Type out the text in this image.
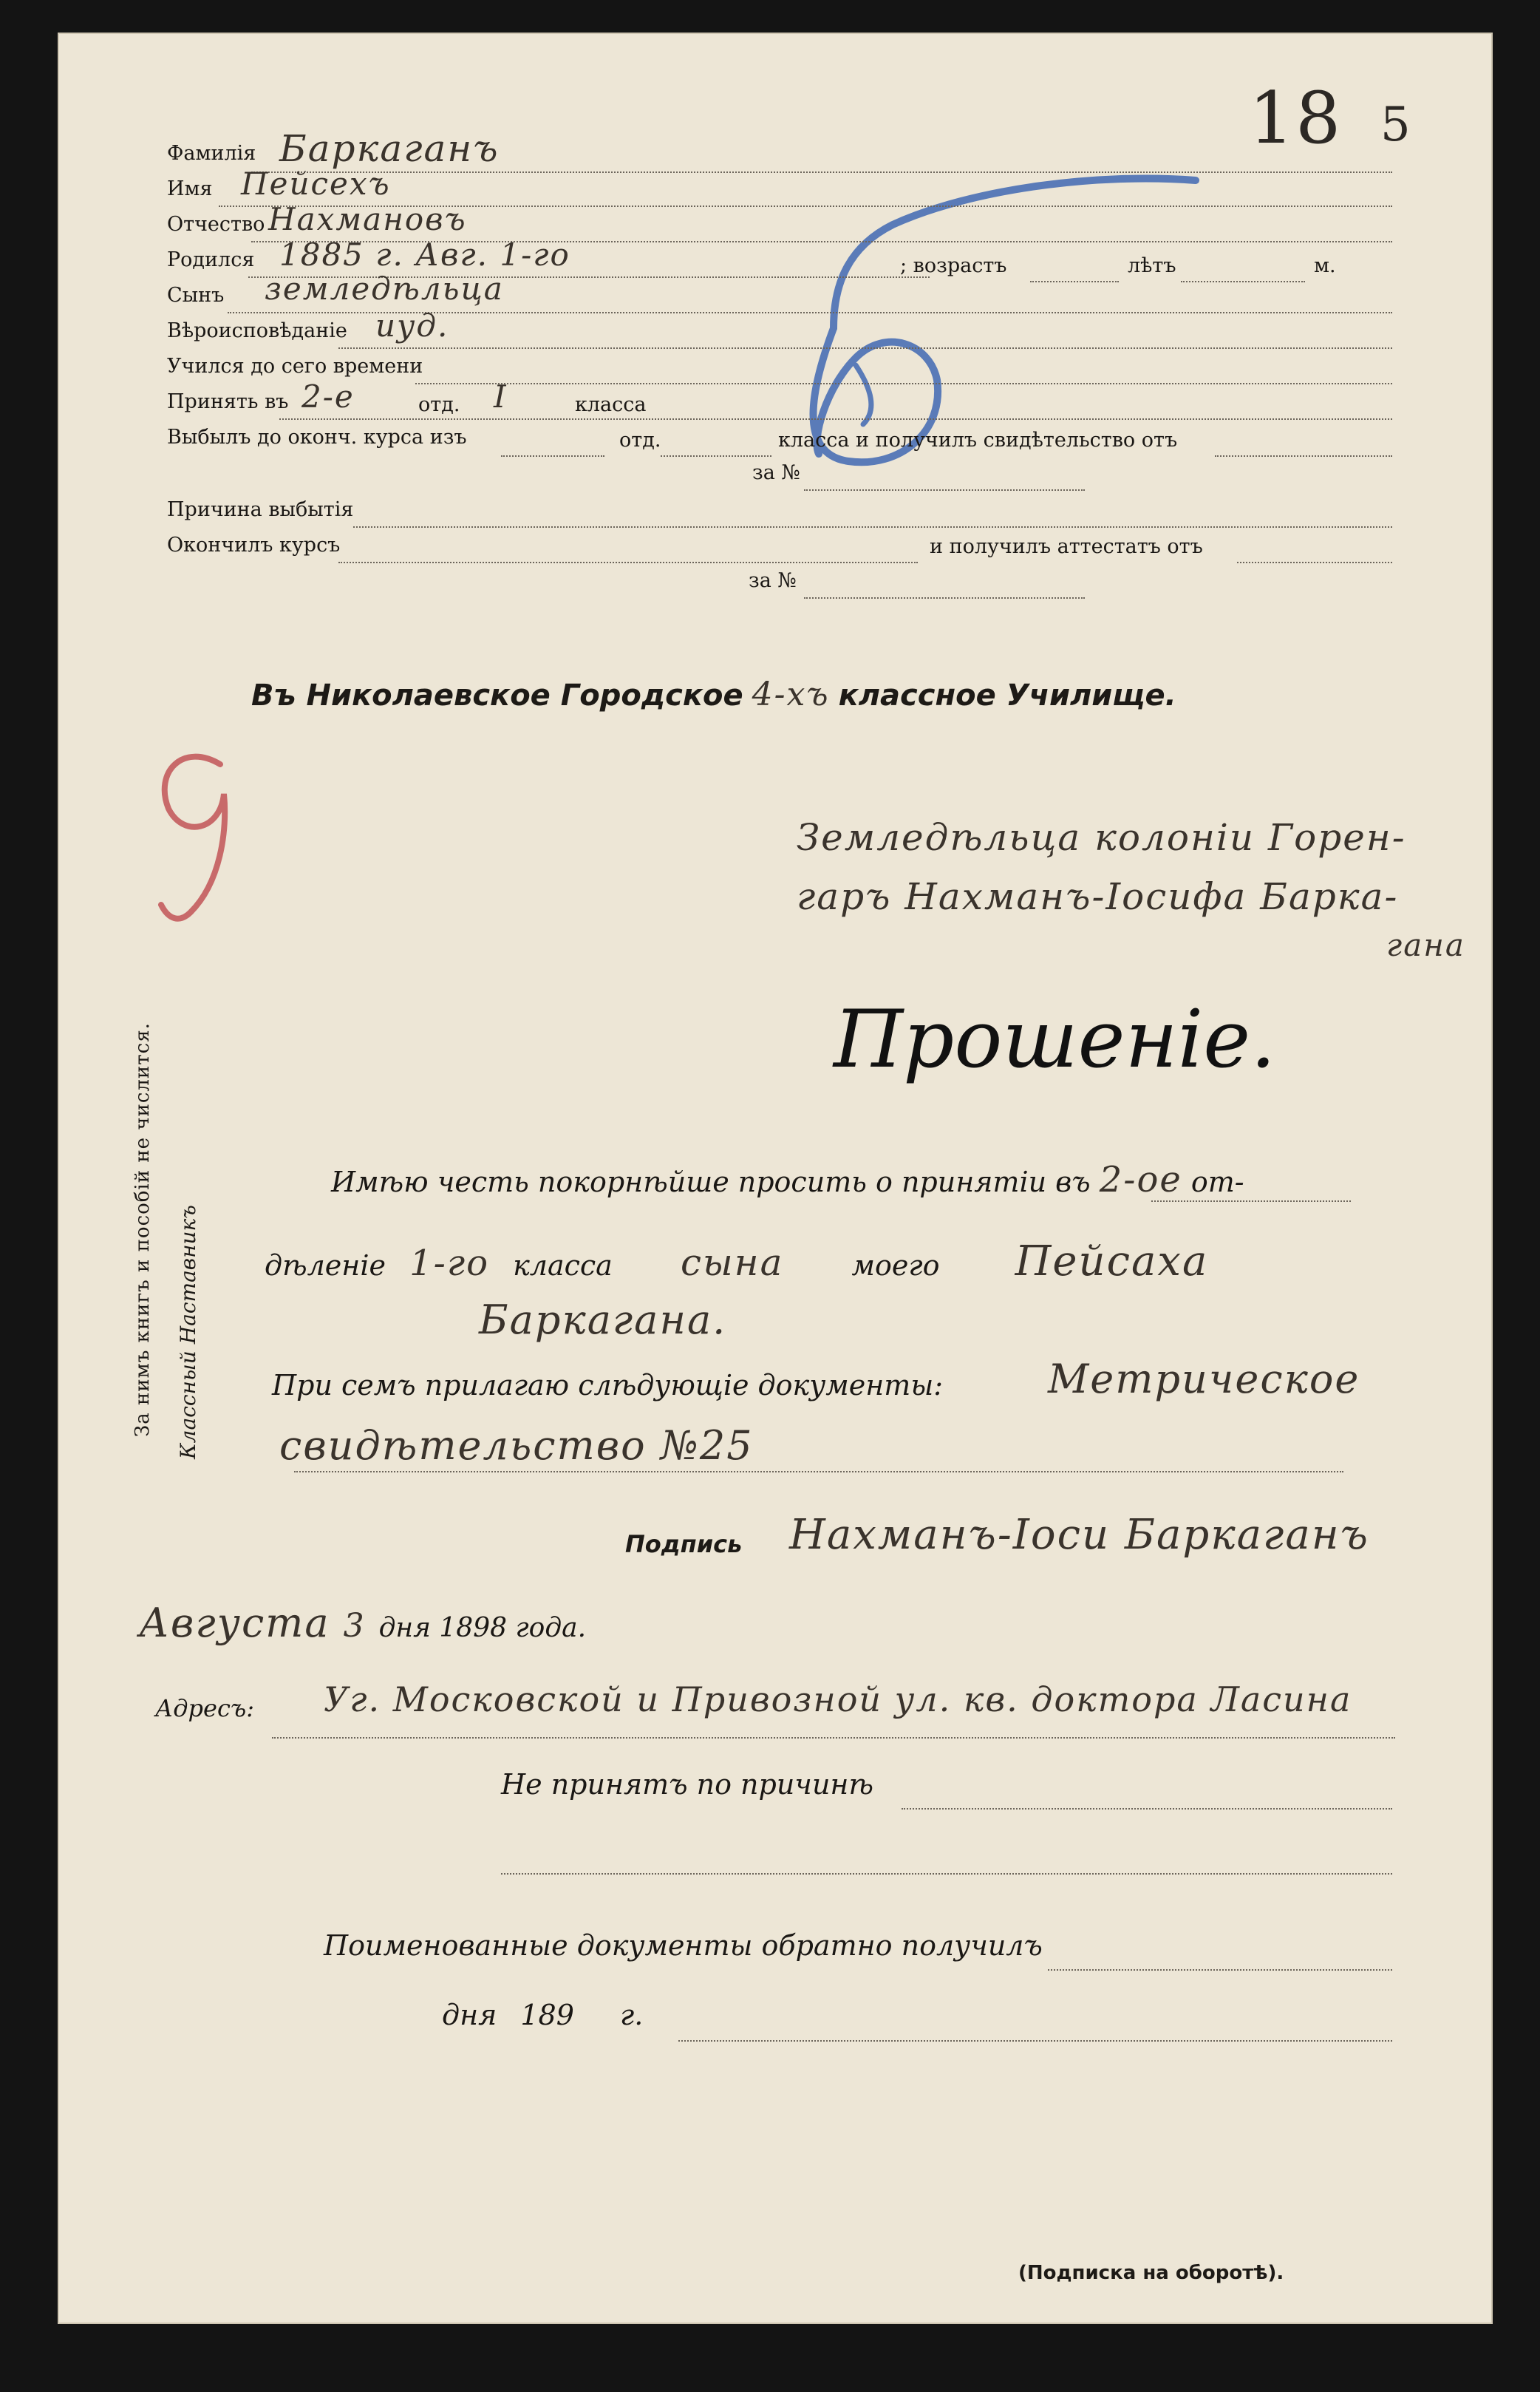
18 5
Фамилія Баркаганъ
Имя Пейсехъ
Отчество Нахмановъ
Родился 1885 г. Авг. 1-го	; возрастъ	лѣтъ	м.
Сынъ земледѣльца
Вѣроисповѣданіе иуд.
Учился до сего времени
Принять въ 2-е	отд. I	класса
Выбылъ до оконч. курса изъ	отд.	класса и получилъ свидѣтельство отъ
за №
Причина выбытія
Окончилъ курсъ	и получилъ аттестатъ отъ
за №
Въ Николаевское Городское 4-хъ классное Училище.
Земледѣльца колоніи Гоpен-
гаръ Нахманъ-Іосифа Барка-
гана
Прошеніе.
Имѣю честь покорнѣйше просить о принятіи въ 2-ое от-
дѣленіе 1-го класса сына моего Пейсаха
Баркагана.
При семъ прилагаю слѣдующіе документы:	Метрическое
свидѣтельство №25
Подпись Нахманъ-Іоси Баркаганъ
Августа 3 дня 1898 года.
Адресъ: Уг. Московской и Привозной ул. кв. доктора Ласина
Не принятъ по причинѣ
Поименованные документы обратно получилъ
дня 189 г.
За нимъ книгъ и пособій не числится. Классный Наставникъ
(Подписка на оборотѣ).
